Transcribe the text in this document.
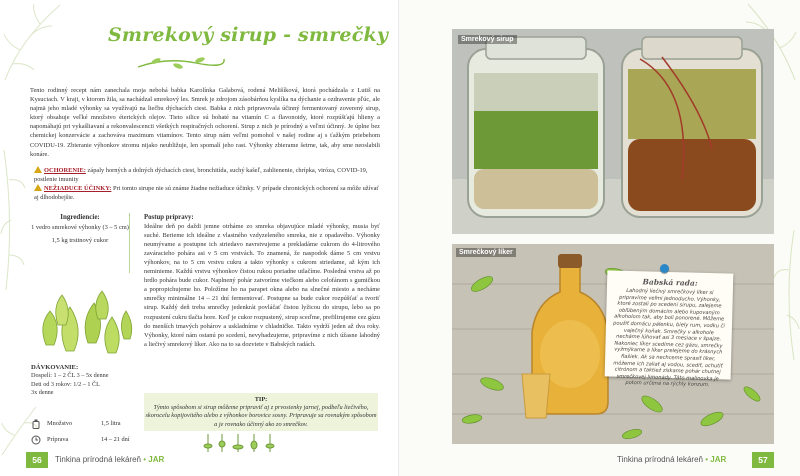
Smrekový sirup - smrečky
Tento rodinný recept nám zanechala moja nebohá babka Karolínka Galabová, rodená Melišíková, ktorá pochádzala z Lutiš na Kysuciach. V kraji, v ktorom žila, sa nachádzal smrekový les. Smrek je zdrojom zásobárňou kyslíka na dýchanie a ozdravenie pľúc, ale najmä jeho mladé výhonky sa využívajú na liečbu dýchacích ciest. Babka z nich pripravovala účinný fermentovaný zoverený sirup, ktorý obsahuje veľké množstvo éterických olejov. Tieto silice sú bohaté na vitamín C a flavonoidy, ktoré rozpúšťajú hlieny a napomáhajú pri vykašliavaní a rekonvalescencii všetkých respiračných ochorení. Strup z nich je prírodný a veľmi účinný. Je úplne bez chemickej konzervácie a zachováva maximum vitamínov. Tento sirup nám veľmi pomohol v našej rodine aj s ťažkým priebehom COVIDU-19. Zbieranie výhonkov stromu nijako neubližuje, len spomalí jeho rast. Výhonky zbierame šetrne, tak, aby sme neoslabili konáre.
OCHORENIE: zápaly horných a dolných dýchacích ciest, bronchitída, suchý kašeľ, zahlienenie, chrípka, viróza, COVID-19, postlenie imunity
NEŽIADUCE ÚČINKY: Pri tomto sirupe nie sú známe žiadne nežiaduce účinky. V prípade chronických ochorení sa môže užívať aj dlhodobejšie.
Ingrediencie:
1 vedro smrekové výhonky (3 – 5 cm)
1,5 kg trstinový cukor
DÁVKOVANIE:
Dospelí: 1 – 2 ČL 3 – 5x denne
Deti od 3 rokov: 1/2 – 1 ČL
3x denne
Množstvo	1,5 litra
Príprava	14 – 21 dní
Postup prípravy:
Ideálne deň po daždi jemne otrháme zo smreka objavujúce mladé výhonky, musia byť suché. Berieme ich ideálne z vlastného vzdyzeleného smreka, nie z opadavého. Výhonky neumývame a postupne ich striedavo navrstvujeme a prekladáme cukrom do 4-litrového zaváracieho pohára asi v 5 cm vrstvách. To znamená, že naspodok dáme 5 cm vrstvu výhonkov, na to 5 cm vrstvu cukru a takto výhonky s cukrom striedame, až kým ich neminieme. Každú vrstvu výhonkov čistou rukou poriadne utlačíme. Posledná vrstva až po hrdlo pohára bude cukor. Naplnený pohár zatvoríme viečkom alebo celofánom s gumičkou a popropichujeme ho. Položíme ho na parapet okna alebo na slnečné miesto a necháme smrečky minimálne 14 – 21 dní fermentovať. Postupne sa bude cukor rozpúšťať a tvoriť sirup. Každý deň treba smrečky jedenkrát povláčať čistou lyžicou do sirupu, lebo sa po rozpustení cukru tlačia hore. Keď je cukor rozpustený, sirup sceďme, prefiltrujeme cez gázu do menších tmavých pohárov a uskladníme v chladničke. Takto vydrží jeden až dva roky. Výhonky, ktoré nám ostanú po scedení, nevyhadzujeme, pripravíme z nich úžasne lahodný a liečivý smrekový líker. Ako na to sa dozviete v Babských radách.
TIP:
Týmto spôsobom si sirup môžeme pripraviť aj z prvosienky jarnej, podbeľu liečivého, skorocelu kopijovitého alebo z výhonkov borovice sosny. Pripravuje sa rovnakým spôsobom a je rovnako účinný ako zo smrečkov.
56	Tinkina prírodná lekáreň • JAR
Smrekový sirup
Smrečkový líker
Babská rada:
Lahodný liečivý smrečkový líker si pripravíme veľmi jednoducho. Výhonky, ktoré zostali po scedení sirupu, zalejeme obľúbeným domácim alebo kupovaným alkoholom tak, aby boli ponorené. Môžeme použiť domácu pálenku, biely rum, vodku či vaječný koňak. Smrečky v alkohole necháme lúhovať asi 3 mesiace v špajze. Nakoniec líker scedíme cez gázu, smrečky vyžmýkame a líker prelejeme do krásnych flašiek. Ak sa nechceme sprasiť líker, môžeme ich zaliať aj vodou, scediť, ochutiť citrónom a taktiež získame pohár chutnej smrečkovej limonády. Táto malinovka je potom určená na rýchly konzum.
Tinkina prírodná lekáreň • JAR	57
